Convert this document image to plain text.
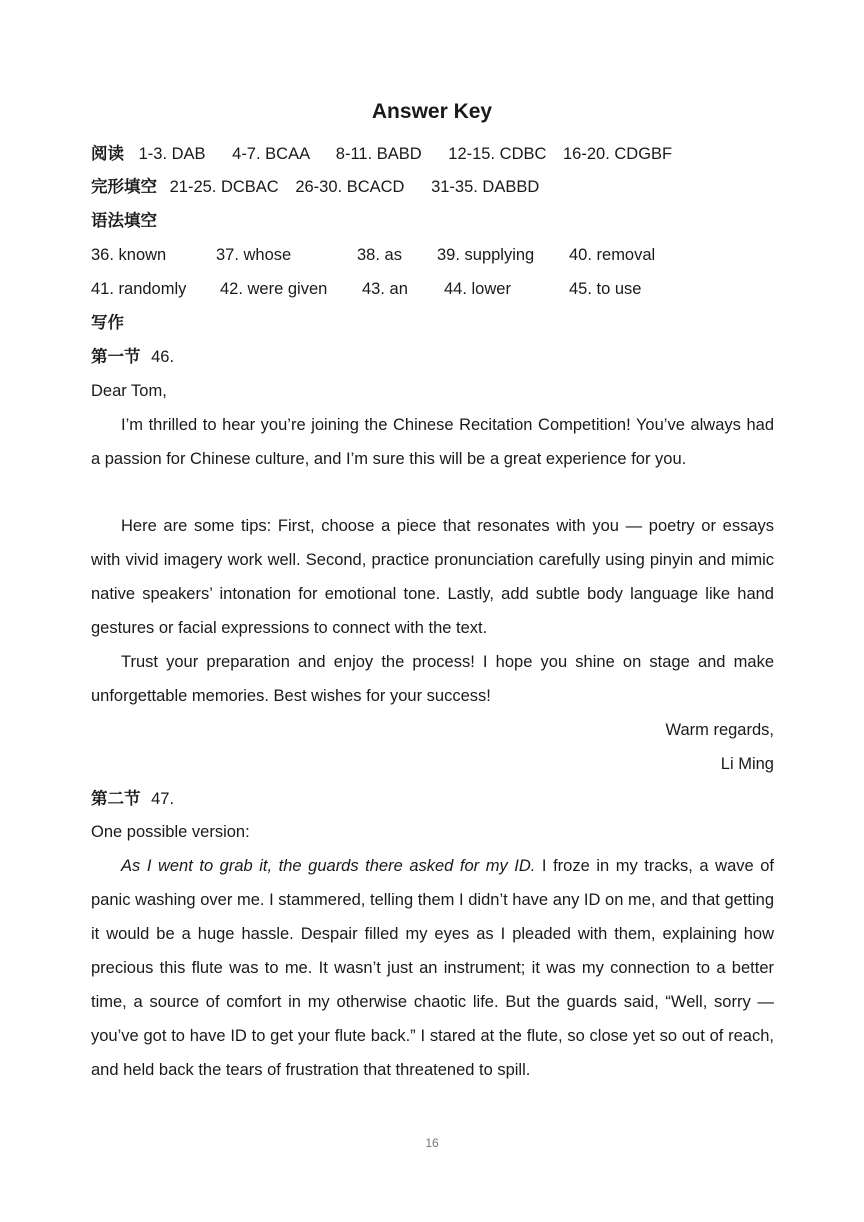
Answer Key
阅读 1-3. DAB 4-7. BCAA 8-11. BABD 12-15. CDBC 16-20. CDGBF
完形填空 21-25. DCBAC 26-30. BCACD 31-35. DABBD
语法填空
36. known	37. whose	38. as 39. supplying 40. removal
41. randomly 42. were given 43. an 44. lower	45. to use
写作
第一节 46.
Dear Tom,

I’m thrilled to hear you’re joining the Chinese Recitation Competition! You’ve always had a passion for Chinese culture, and I’m sure this will be a great experience for you.

Here are some tips: First, choose a piece that resonates with you — poetry or essays with vivid imagery work well. Second, practice pronunciation carefully using pinyin and mimic native speakers’ intonation for emotional tone. Lastly, add subtle body language like hand gestures or facial expressions to connect with the text.

Trust your preparation and enjoy the process! I hope you shine on stage and make unforgettable memories. Best wishes for your success!

Warm regards,
Li Ming
第二节 47.
One possible version:

As I went to grab it, the guards there asked for my ID. I froze in my tracks, a wave of panic washing over me. I stammered, telling them I didn’t have any ID on me, and that getting it would be a huge hassle. Despair filled my eyes as I pleaded with them, explaining how precious this flute was to me. It wasn’t just an instrument; it was my connection to a better time, a source of comfort in my otherwise chaotic life. But the guards said, “Well, sorry — you’ve got to have ID to get your flute back.” I stared at the flute, so close yet so out of reach, and held back the tears of frustration that threatened to spill.

16
